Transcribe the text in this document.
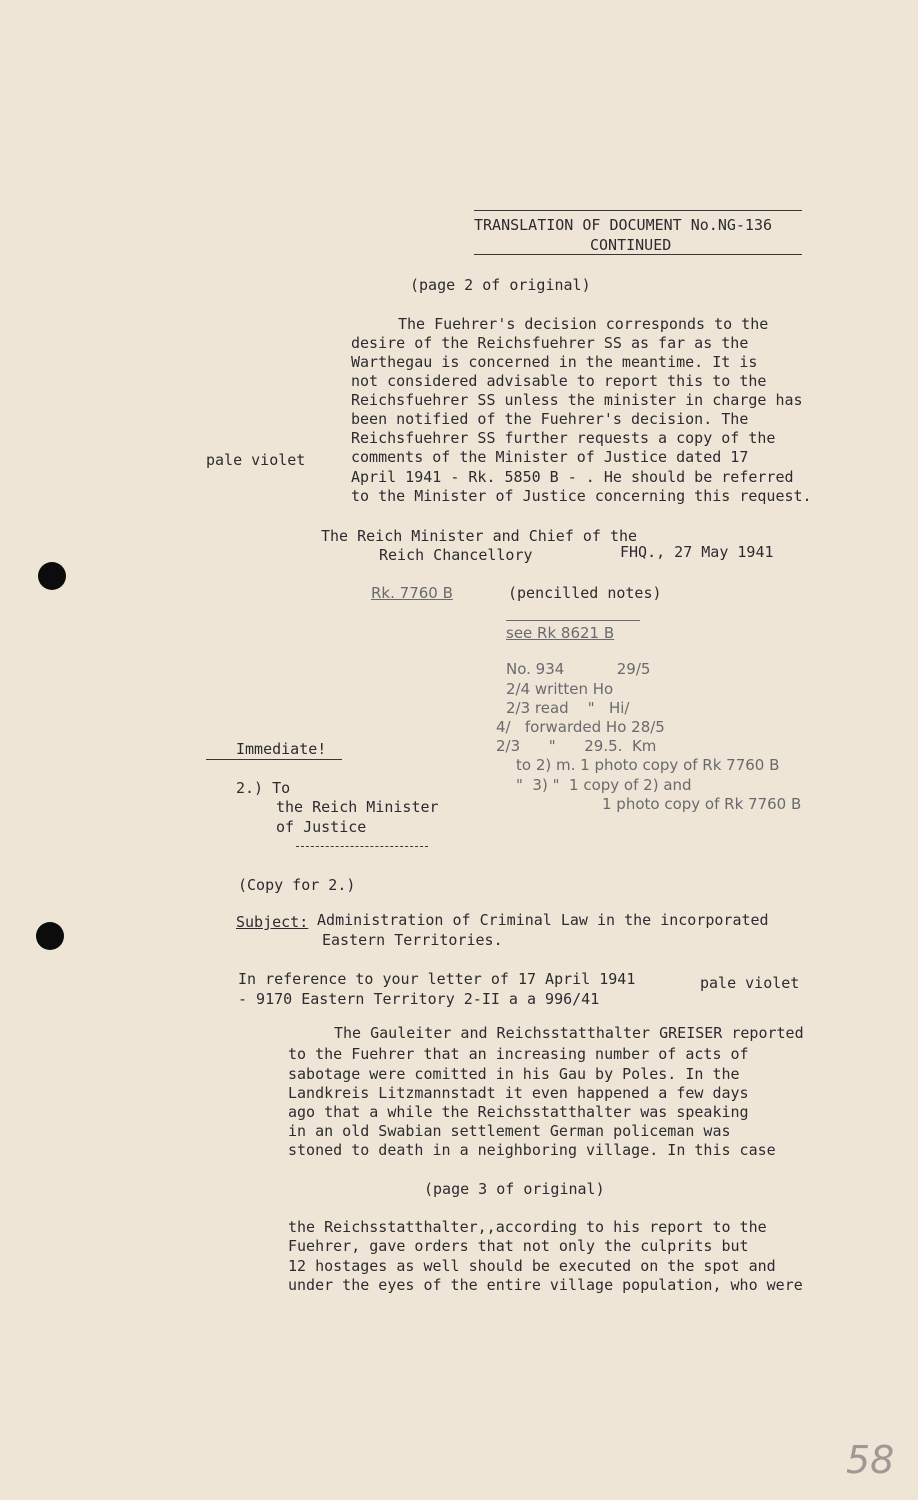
TRANSLATION OF DOCUMENT No.NG-136
CONTINUED
(page 2 of original)
The Fuehrer's decision corresponds to the
desire of the Reichsfuehrer SS as far as the
Warthegau is concerned in the meantime. It is
not considered advisable to report this to the
Reichsfuehrer SS unless the minister in charge has
been notified of the Fuehrer's decision. The
Reichsfuehrer SS further requests a copy of the
comments of the Minister of Justice dated 17
April 1941 - Rk. 5850 B - . He should be referred
to the Minister of Justice concerning this request.
pale violet
The Reich Minister and Chief of the
Reich Chancellory	FHQ., 27 May 1941
Rk. 7760 B	(pencilled notes)
see Rk 8621 B
No. 934           29/5
2/4 written Ho
2/3 read    "   Hi/
4/   forwarded Ho 28/5
2/3      "      29.5.  Km
to 2) m. 1 photo copy of Rk 7760 B
"  3) "  1 copy of 2) and
1 photo copy of Rk 7760 B
Immediate!
2.) To
the Reich Minister
of Justice
(Copy for 2.)
Subject: Administration of Criminal Law in the incorporated
Eastern Territories.
In reference to your letter of 17 April 1941
- 9170 Eastern Territory 2-II a a 996/41
pale violet
The Gauleiter and Reichsstatthalter GREISER reported
to the Fuehrer that an increasing number of acts of
sabotage were comitted in his Gau by Poles. In the
Landkreis Litzmannstadt it even happened a few days
ago that a while the Reichsstatthalter was speaking
in an old Swabian settlement German policeman was
stoned to death in a neighboring village. In this case
(page 3 of original)
the Reichsstatthalter,,according to his report to the
Fuehrer, gave orders that not only the culprits but
12 hostages as well should be executed on the spot and
under the eyes of the entire village population, who were
58
